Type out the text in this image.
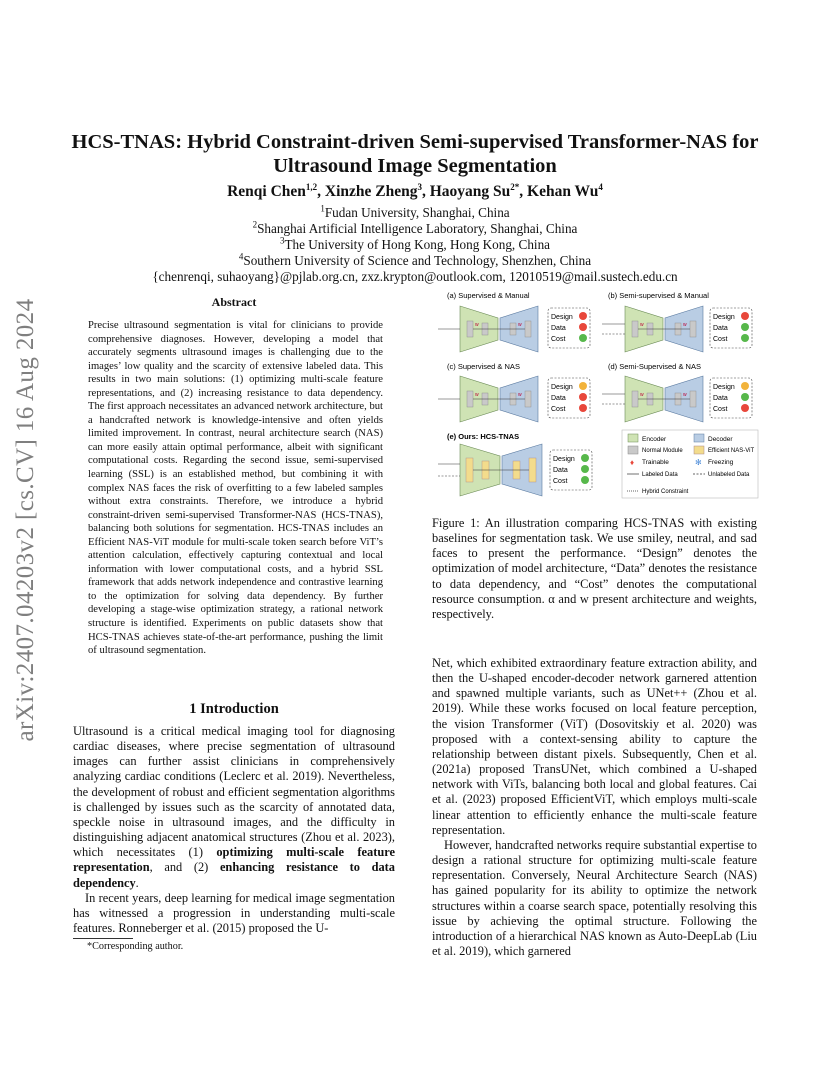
arXiv:2407.04203v2 [cs.CV] 16 Aug 2024
HCS-TNAS: Hybrid Constraint-driven Semi-supervised Transformer-NAS for
Ultrasound Image Segmentation
Renqi Chen$^{1,2}$, Xinzhe Zheng$^3$, Haoyang $Su^{2*}$, Kehan Wu$^4$
$^1$Fudan University, Shanghai, China
$^2$Shanghai Artificial Intelligence Laboratory, Shanghai, China
$^3$The University of Hong Kong, Hong Kong, China
$^4$Southern University of Science and Technology, Shenzhen, China
{chenrenqi, suhaoyang}@pjlab.org.cn, zxz.krypton@outlook.com, 12010519@mail.sustech.edu.cn
Abstract
Precise ultrasound segmentation is vital for clinicians to provide comprehensive diagnoses. However, developing a model that accurately segments ultrasound images is challenging due to the images’ low quality and the scarcity of extensive labeled data. This results in two main solutions: (1) optimizing multi-scale feature representations, and (2) increasing resistance to data dependency. The first approach necessitates an advanced network architecture, but a handcrafted network is knowledge-intensive and often yields limited improvement. In contrast, neural architecture search (NAS) can more easily attain optimal performance, albeit with significant computational costs. Regarding the second issue, semi-supervised learning (SSL) is an established method, but combining it with complex NAS faces the risk of overfitting to a few labeled samples without extra constraints. Therefore, we introduce a hybrid constraint-driven semi-supervised Transformer-NAS (HCS-TNAS), balancing both solutions for segmentation. HCS-TNAS includes an Efficient NAS-ViT module for multi-scale token search before ViT’s attention calculation, effectively capturing contextual and local information with lower computational costs, and a hybrid SSL framework that adds network independence and contrastive learning to the optimization for solving data dependency. By further developing a stage-wise optimization strategy, a rational network structure is identified. Experiments on public datasets show that HCS-TNAS achieves state-of-the-art performance, pushing the limit of ultrasound segmentation.
1 Introduction

Ultrasound is a critical medical imaging tool for diagnosing cardiac diseases, where precise segmentation of ultrasound images can further assist clinicians in comprehensively analyzing cardiac conditions (Leclerc et al. 2019). Nevertheless, the development of robust and efficient segmentation algorithms is challenged by issues such as the scarcity of annotated data, speckle noise in ultrasound images, and the difficulty in distinguishing adjacent anatomical structures (Zhou et al. 2023), which necessitates (1) optimizing multi-scale feature representation, and (2) enhancing resistance to data dependency.

In recent years, deep learning for medical image segmentation has witnessed a progression in understanding multi-scale features. Ronneberger et al. (2015) proposed the U-

*Corresponding author.
w	w
(a) Supervised & Manual
Design
Data
Cost
(b) Semi-supervised & Manual
Design
Data
Cost
(c) Supervised & NAS
Design
Data
Cost
(d) Semi-Supervised & NAS
Design
Data
Cost
(e) Ours: HCS-TNAS
Design
Data
Cost
Encoder	Decoder
Normal Module	Efficient NAS-ViT
♦ Trainable	✻ Freezing
Labeled Data	Unlabeled Data
Hybrid Constraint
Figure 1: An illustration comparing HCS-TNAS with existing baselines for segmentation task. We use smiley, neutral, and sad faces to present the performance. “Design” denotes the optimization of model architecture, “Data” denotes the resistance to data dependency, and “Cost” denotes the computational resource consumption. α and w present architecture and weights, respectively.

Net, which exhibited extraordinary feature extraction ability, and then the U-shaped encoder-decoder network garnered attention and spawned multiple variants, such as UNet++ (Zhou et al. 2019). While these works focused on local feature perception, the vision Transformer (ViT) (Dosovitskiy et al. 2020) was proposed with a context-sensing ability to capture the relationship between distant pixels. Subsequently, Chen et al. (2021a) proposed TransUNet, which combined a U-shaped network with ViTs, balancing both local and global features. Cai et al. (2023) proposed EfficientViT, which employs multi-scale linear attention to efficiently enhance the multi-scale feature representation.

However, handcrafted networks require substantial expertise to design a rational structure for optimizing multi-scale feature representation. Conversely, Neural Architecture Search (NAS) has gained popularity for its ability to optimize the network structures within a coarse search space, potentially resolving this issue by achieving the optimal structure. Following the introduction of a hierarchical NAS known as Auto-DeepLab (Liu et al. 2019), which garnered
